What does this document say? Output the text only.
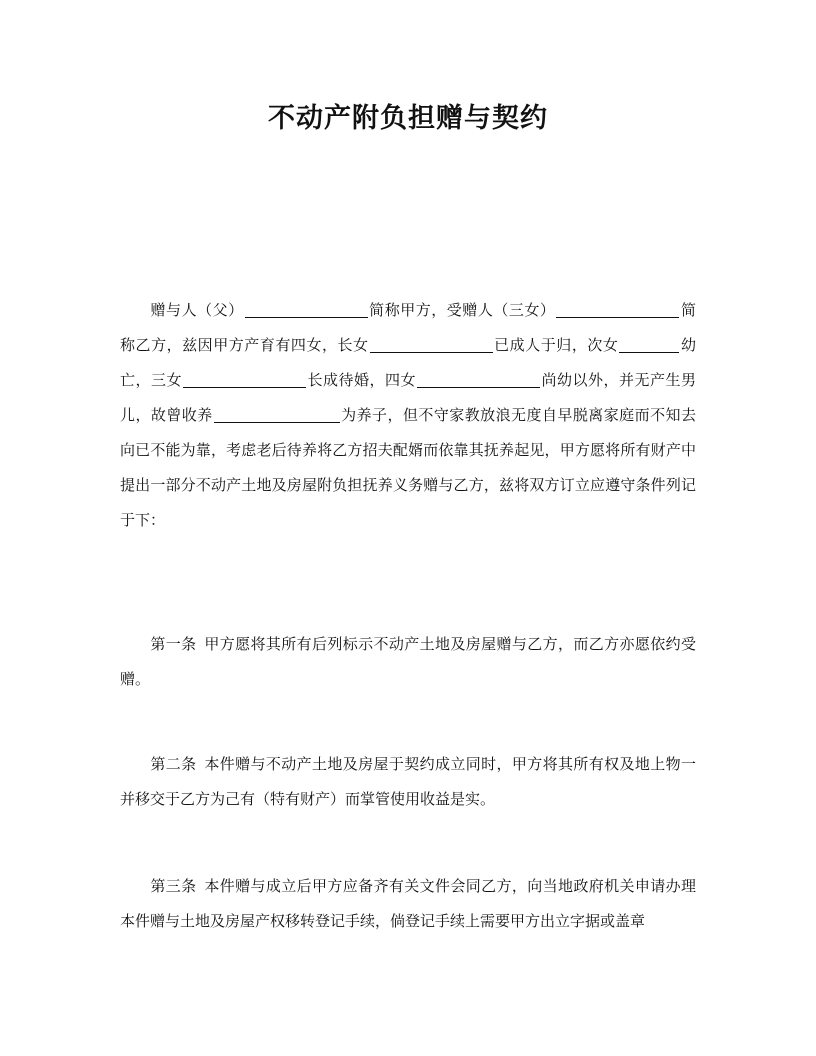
不动产附负担赠与契约

赠与人（父）	简称甲方，受赠人（三女）	简称乙方，兹因甲方产育有四女，长女	已成人于归，次女	幼亡，三女	长成待婚，四女	尚幼以外，并无产生男儿，故曾收养	为养子，但不守家教放浪无度自早脱离家庭而不知去向已不能为靠，考虑老后待养将乙方招夫配婿而依靠其抚养起见，甲方愿将所有财产中提出一部分不动产土地及房屋附负担抚养义务赠与乙方，兹将双方订立应遵守条件列记于下：

第一条  甲方愿将其所有后列标示不动产土地及房屋赠与乙方，而乙方亦愿依约受赠。

第二条  本件赠与不动产土地及房屋于契约成立同时，甲方将其所有权及地上物一并移交于乙方为己有（特有财产）而掌管使用收益是实。

第三条  本件赠与成立后甲方应备齐有关文件会同乙方，向当地政府机关申请办理本件赠与土地及房屋产权移转登记手续，倘登记手续上需要甲方出立字据或盖章
